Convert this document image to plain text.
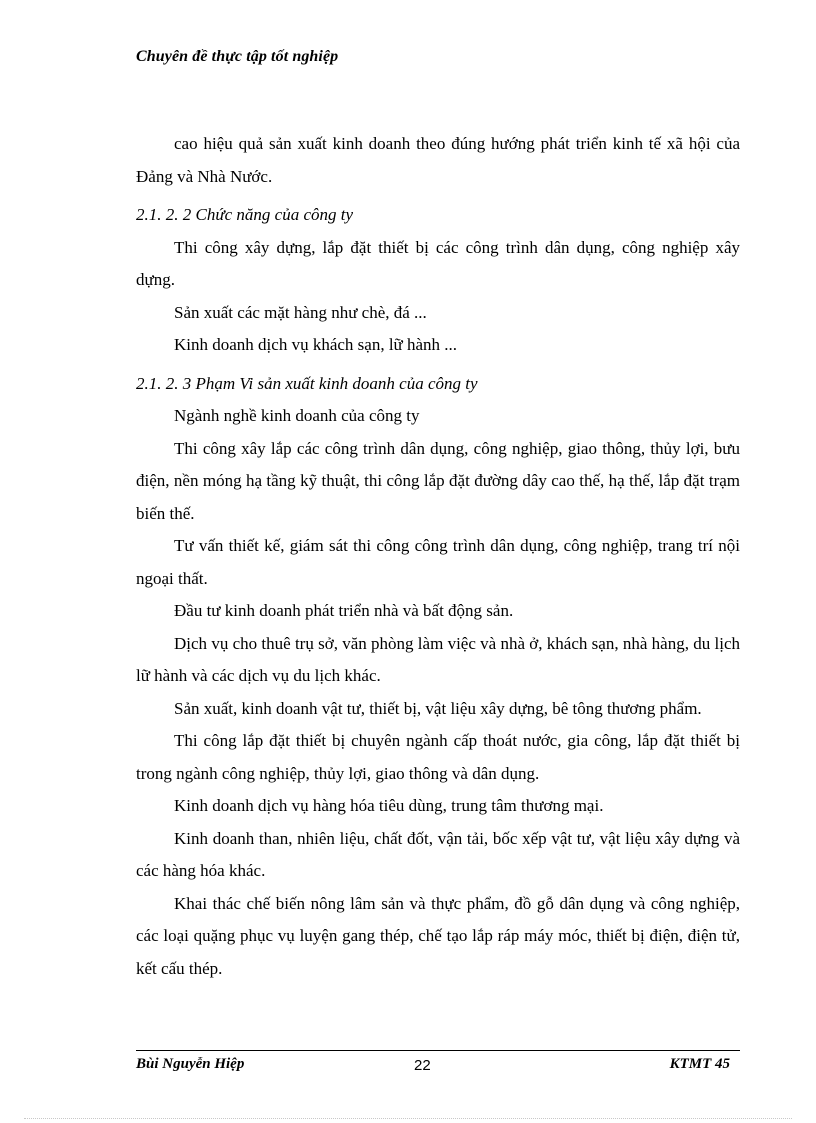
Chuyên đề thực tập tốt nghiệp

cao hiệu quả sản xuất kinh doanh theo đúng hướng phát triển kinh tế xã hội của Đảng và Nhà Nước.

2.1. 2. 2 Chức năng của công ty

Thi công xây dựng, lắp đặt thiết bị các công trình dân dụng, công nghiệp xây dựng.

Sản xuất các mặt hàng như chè, đá ...

Kinh doanh dịch vụ khách sạn, lữ hành ...

2.1. 2. 3 Phạm Vi sản xuất kinh doanh của công ty

Ngành nghề kinh doanh của công ty

Thi công xây lắp các công trình dân dụng, công nghiệp, giao thông, thủy lợi, bưu điện, nền móng hạ tầng kỹ thuật, thi công lắp đặt đường dây cao thế, hạ thế, lắp đặt trạm biến thế.

Tư vấn thiết kế, giám sát thi công công trình dân dụng, công nghiệp, trang trí nội ngoại thất.

Đầu tư kinh doanh phát triển nhà và bất động sản.

Dịch vụ cho thuê trụ sở, văn phòng làm việc và nhà ở, khách sạn, nhà hàng, du lịch lữ hành và các dịch vụ du lịch khác.

Sản xuất, kinh doanh vật tư, thiết bị, vật liệu xây dựng, bê tông thương phẩm.

Thi công lắp đặt thiết bị chuyên ngành cấp thoát nước, gia công, lắp đặt thiết bị trong ngành công nghiệp, thủy lợi, giao thông và dân dụng.

Kinh doanh dịch vụ hàng hóa tiêu dùng, trung tâm thương mại.

Kinh doanh than, nhiên liệu, chất đốt, vận tải, bốc xếp vật tư, vật liệu xây dựng và các hàng hóa khác.

Khai thác chế biến nông lâm sản và thực phẩm, đồ gỗ dân dụng và công nghiệp, các loại quặng phục vụ luyện gang thép, chế tạo lắp ráp máy móc, thiết bị điện, điện tử, kết cấu thép.

Bùi Nguyễn Hiệp	22	KTMT 45
